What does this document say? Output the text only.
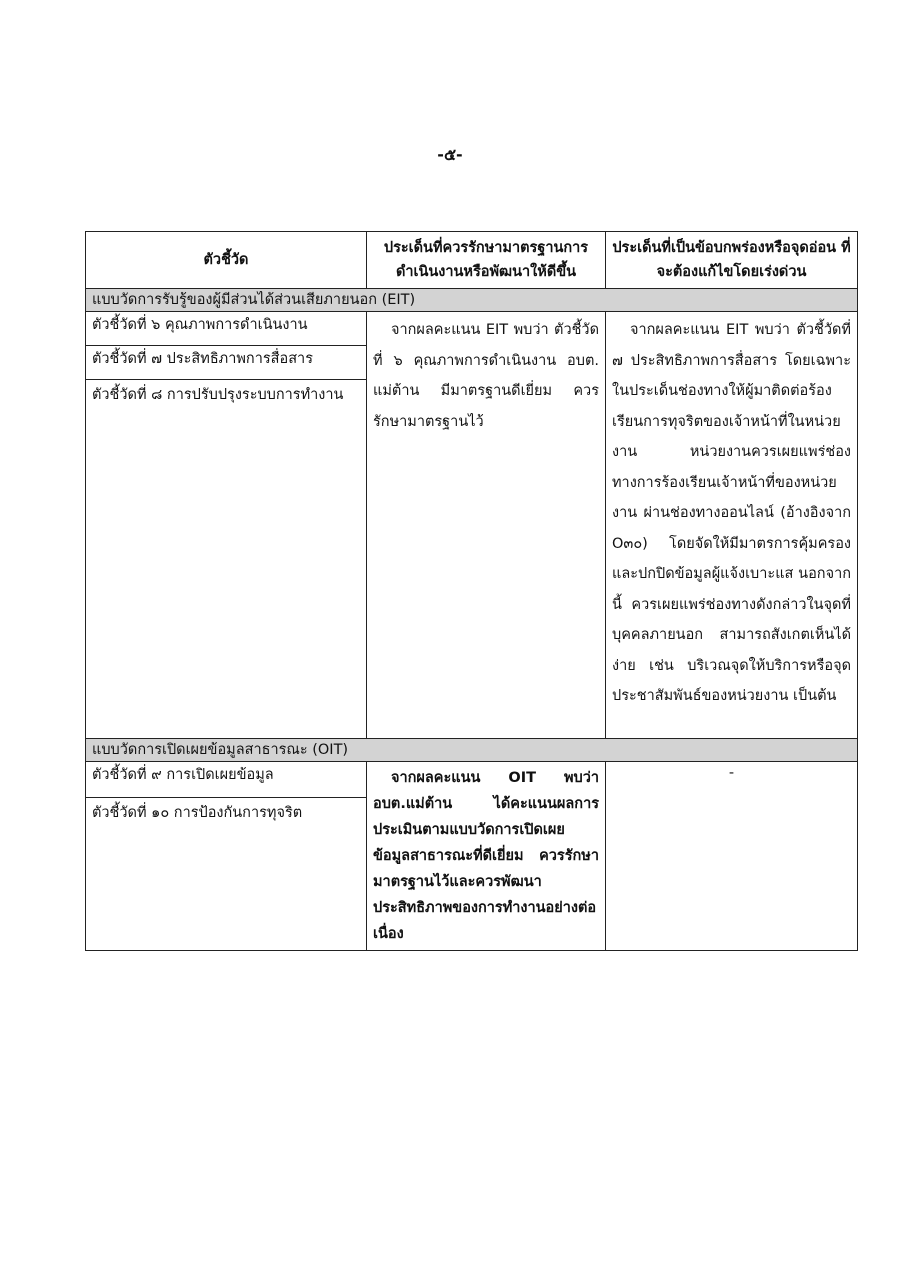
-๕-
ตัวชี้วัด	ประเด็นที่ควรรักษามาตรฐานการดำเนินงานหรือพัฒนาให้ดีขึ้น	ประเด็นที่เป็นข้อบกพร่องหรือจุดอ่อน ที่จะต้องแก้ไขโดยเร่งด่วน
แบบวัดการรับรู้ของผู้มีส่วนได้ส่วนเสียภายนอก (EIT)		
ตัวชี้วัดที่ ๖ คุณภาพการดำเนินงาน	จากผลคะแนน EIT พบว่า ตัวชี้วัดที่ ๖ คุณภาพการดำเนินงาน อบต. แม่ต้าน มีมาตรฐานดีเยี่ยม ควรรักษามาตรฐานไว้	จากผลคะแนน EIT พบว่า ตัวชี้วัดที่ ๗ ประสิทธิภาพการสื่อสาร โดยเฉพาะในประเด็นช่องทางให้ผู้มาติดต่อร้องเรียนการทุจริตของเจ้าหน้าที่ในหน่วยงาน หน่วยงานควรเผยแพร่ช่องทางการร้องเรียนเจ้าหน้าที่ของหน่วยงาน ผ่านช่องทางออนไลน์ (อ้างอิงจาก O๓๐) โดยจัดให้มีมาตรการคุ้มครองและปกปิดข้อมูลผู้แจ้งเบาะแส นอกจากนี้ ควรเผยแพร่ช่องทางดังกล่าวในจุดที่บุคคลภายนอก สามารถสังเกตเห็นได้ง่าย เช่น บริเวณจุดให้บริการหรือจุดประชาสัมพันธ์ของหน่วยงาน เป็นต้น
ตัวชี้วัดที่ ๗ ประสิทธิภาพการสื่อสาร		
ตัวชี้วัดที่ ๘ การปรับปรุงระบบการทำงาน		
แบบวัดการเปิดเผยข้อมูลสาธารณะ (OIT)		
ตัวชี้วัดที่ ๙ การเปิดเผยข้อมูล	จากผลคะแนน OIT พบว่า อบต.แม่ต้าน ได้คะแนนผลการประเมินตามแบบวัดการเปิดเผยข้อมูลสาธารณะที่ดีเยี่ยม ควรรักษามาตรฐานไว้และควรพัฒนาประสิทธิภาพของการทำงานอย่างต่อเนื่อง	-
ตัวชี้วัดที่ ๑๐ การป้องกันการทุจริต		
